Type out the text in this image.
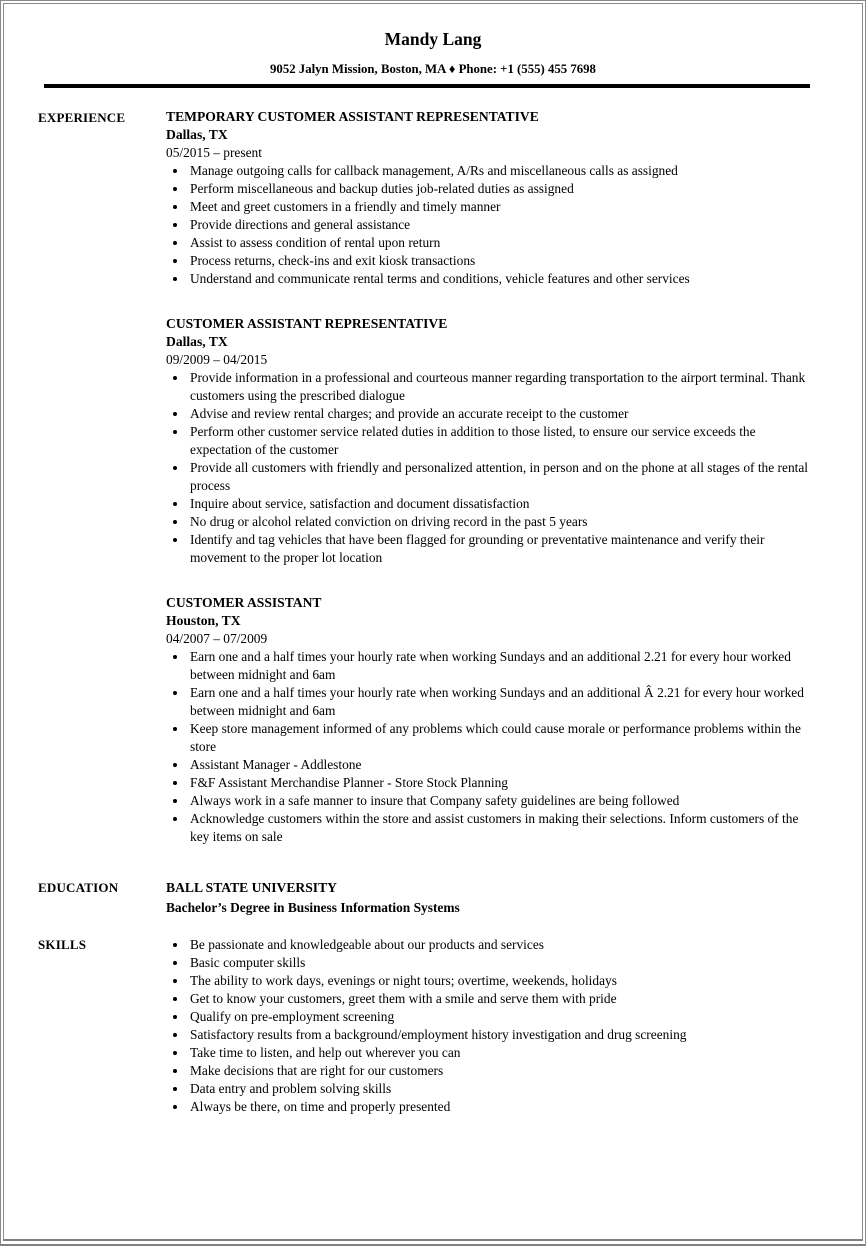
Mandy Lang
9052 Jalyn Mission, Boston, MA ♦ Phone: +1 (555) 455 7698
EXPERIENCE	TEMPORARY CUSTOMER ASSISTANT REPRESENTATIVE
Dallas, TX
05/2015 – present
• Manage outgoing calls for callback management, A/Rs and miscellaneous calls as assigned
• Perform miscellaneous and backup duties job-related duties as assigned
• Meet and greet customers in a friendly and timely manner
• Provide directions and general assistance
• Assist to assess condition of rental upon return
• Process returns, check-ins and exit kiosk transactions
• Understand and communicate rental terms and conditions, vehicle features and other services
CUSTOMER ASSISTANT REPRESENTATIVE
Dallas, TX
09/2009 – 04/2015
• Provide information in a professional and courteous manner regarding transportation to the airport terminal. Thank customers using the prescribed dialogue
• Advise and review rental charges; and provide an accurate receipt to the customer
• Perform other customer service related duties in addition to those listed, to ensure our service exceeds the expectation of the customer
• Provide all customers with friendly and personalized attention, in person and on the phone at all stages of the rental process
• Inquire about service, satisfaction and document dissatisfaction
• No drug or alcohol related conviction on driving record in the past 5 years
• Identify and tag vehicles that have been flagged for grounding or preventative maintenance and verify their movement to the proper lot location
CUSTOMER ASSISTANT
Houston, TX
04/2007 – 07/2009
• Earn one and a half times your hourly rate when working Sundays and an additional 2.21 for every hour worked between midnight and 6am
• Earn one and a half times your hourly rate when working Sundays and an additional Â 2.21 for every hour worked between midnight and 6am
• Keep store management informed of any problems which could cause morale or performance problems within the store
• Assistant Manager - Addlestone
• F&F Assistant Merchandise Planner - Store Stock Planning
• Always work in a safe manner to insure that Company safety guidelines are being followed
• Acknowledge customers within the store and assist customers in making their selections. Inform customers of the key items on sale
EDUCATION	BALL STATE UNIVERSITY
Bachelor’s Degree in Business Information Systems
SKILLS	• Be passionate and knowledgeable about our products and services
• Basic computer skills
• The ability to work days, evenings or night tours; overtime, weekends, holidays
• Get to know your customers, greet them with a smile and serve them with pride
• Qualify on pre-employment screening
• Satisfactory results from a background/employment history investigation and drug screening
• Take time to listen, and help out wherever you can
• Make decisions that are right for our customers
• Data entry and problem solving skills
• Always be there, on time and properly presented
